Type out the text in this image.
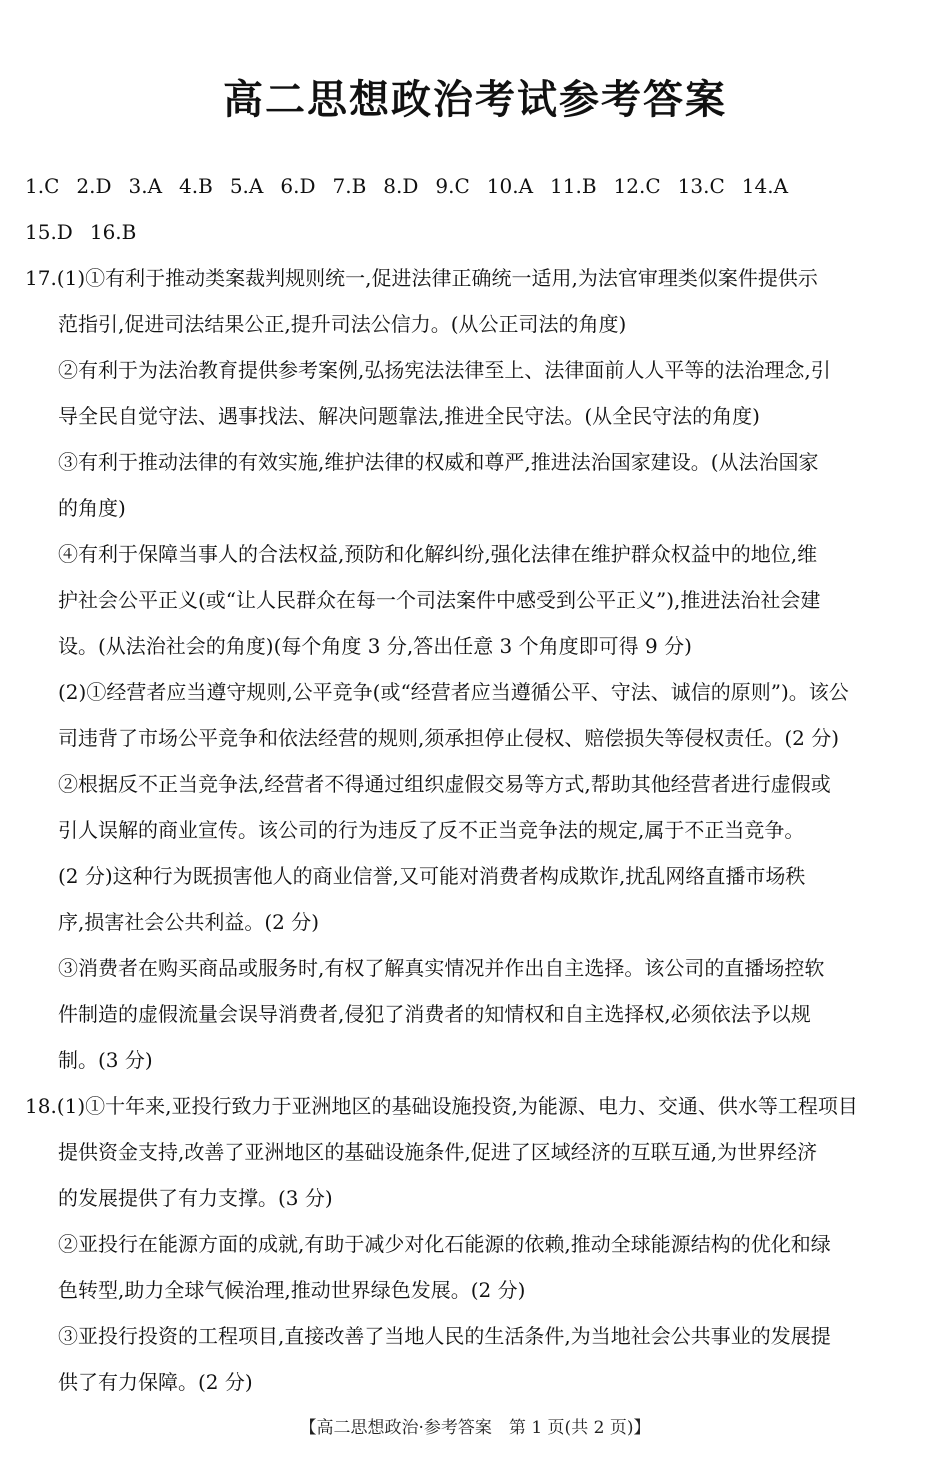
高二思想政治考试参考答案
1.C 2.D 3.A 4.B 5.A 6.D 7.B 8.D 9.C 10.A 11.B 12.C 13.C 14.A
15.D 16.B
17.(1)①有利于推动类案裁判规则统一,促进法律正确统一适用,为法官审理类似案件提供示
范指引,促进司法结果公正,提升司法公信力。(从公正司法的角度)
②有利于为法治教育提供参考案例,弘扬宪法法律至上、法律面前人人平等的法治理念,引
导全民自觉守法、遇事找法、解决问题靠法,推进全民守法。(从全民守法的角度)
③有利于推动法律的有效实施,维护法律的权威和尊严,推进法治国家建设。(从法治国家
的角度)
④有利于保障当事人的合法权益,预防和化解纠纷,强化法律在维护群众权益中的地位,维
护社会公平正义(或“让人民群众在每一个司法案件中感受到公平正义”),推进法治社会建
设。(从法治社会的角度)(每个角度 3 分,答出任意 3 个角度即可得 9 分)
(2)①经营者应当遵守规则,公平竞争(或“经营者应当遵循公平、守法、诚信的原则”)。该公
司违背了市场公平竞争和依法经营的规则,须承担停止侵权、赔偿损失等侵权责任。(2 分)
②根据反不正当竞争法,经营者不得通过组织虚假交易等方式,帮助其他经营者进行虚假或
引人误解的商业宣传。该公司的行为违反了反不正当竞争法的规定,属于不正当竞争。
(2 分)这种行为既损害他人的商业信誉,又可能对消费者构成欺诈,扰乱网络直播市场秩
序,损害社会公共利益。(2 分)
③消费者在购买商品或服务时,有权了解真实情况并作出自主选择。该公司的直播场控软
件制造的虚假流量会误导消费者,侵犯了消费者的知情权和自主选择权,必须依法予以规
制。(3 分)
18.(1)①十年来,亚投行致力于亚洲地区的基础设施投资,为能源、电力、交通、供水等工程项目
提供资金支持,改善了亚洲地区的基础设施条件,促进了区域经济的互联互通,为世界经济
的发展提供了有力支撑。(3 分)
②亚投行在能源方面的成就,有助于减少对化石能源的依赖,推动全球能源结构的优化和绿
色转型,助力全球气候治理,推动世界绿色发展。(2 分)
③亚投行投资的工程项目,直接改善了当地人民的生活条件,为当地社会公共事业的发展提
供了有力保障。(2 分)
【高二思想政治·参考答案　第 1 页(共 2 页)】
